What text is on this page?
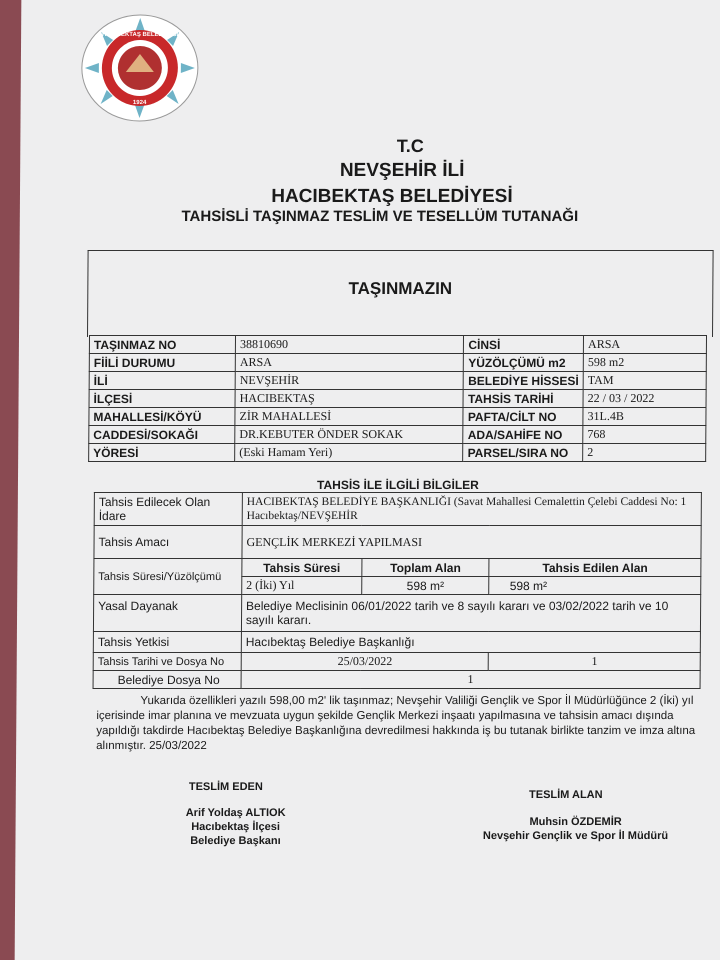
HACIBEKTAŞ BELEDİYESİ
1924
T.C
NEVŞEHİR İLİ
HACIBEKTAŞ BELEDİYESİ
TAHSİSLİ TAŞINMAZ TESLİM VE TESELLÜM TUTANAĞI
TAŞINMAZIN
TAŞINMAZ NO	38810690	CİNSİ	ARSA
FİİLİ DURUMU	ARSA	YÜZÖLÇÜMÜ m2	598 m2
İLİ	NEVŞEHİR	BELEDİYE HİSSESİ	TAM
İLÇESİ	HACIBEKTAŞ	TAHSİS TARİHİ	22 / 03 / 2022
MAHALLESİ/KÖYÜ	ZİR MAHALLESİ	PAFTA/CİLT NO	31L.4B
CADDESİ/SOKAĞI	DR.KEBUTER ÖNDER SOKAK	ADA/SAHİFE NO	768
YÖRESİ	(Eski Hamam Yeri)	PARSEL/SIRA NO	2
TAHSİS İLE İLGİLİ BİLGİLER
Tahsis Edilecek Olan İdare	HACIBEKTAŞ BELEDİYE BAŞKANLIĞI (Savat Mahallesi Cemalettin Çelebi Caddesi No: 1 Hacıbektaş/NEVŞEHİR		
Tahsis Amacı	GENÇLİK MERKEZİ YAPILMASI		
Tahsis Süresi/Yüzölçümü	Tahsis Süresi	Toplam Alan	Tahsis Edilen Alan
	2 (İki) Yıl	598 m²	598 m²
Yasal Dayanak	Belediye Meclisinin 06/01/2022 tarih ve 8 sayılı kararı ve 03/02/2022 tarih ve 10 sayılı kararı.		
Tahsis Yetkisi	Hacıbektaş Belediye Başkanlığı		
Tahsis Tarihi ve Dosya No	25/03/2022		1
Belediye Dosya No	1		
Yukarıda özellikleri yazılı 598,00 m2' lik taşınmaz; Nevşehir Valiliği Gençlik ve Spor İl Müdürlüğünce 2 (İki) yıl içerisinde imar planına ve mevzuata uygun şekilde Gençlik Merkezi inşaatı yapılmasına ve tahsisin amacı dışında yapıldığı takdirde Hacıbektaş Belediye Başkanlığına devredilmesi hakkında iş bu tutanak birlikte tanzim ve imza altına alınmıştır. 25/03/2022
TESLİM EDEN
Arif Yoldaş ALTIOK
Hacıbektaş İlçesi
Belediye Başkanı
TESLİM ALAN
Muhsin ÖZDEMİR
Nevşehir Gençlik ve Spor İl Müdürü
